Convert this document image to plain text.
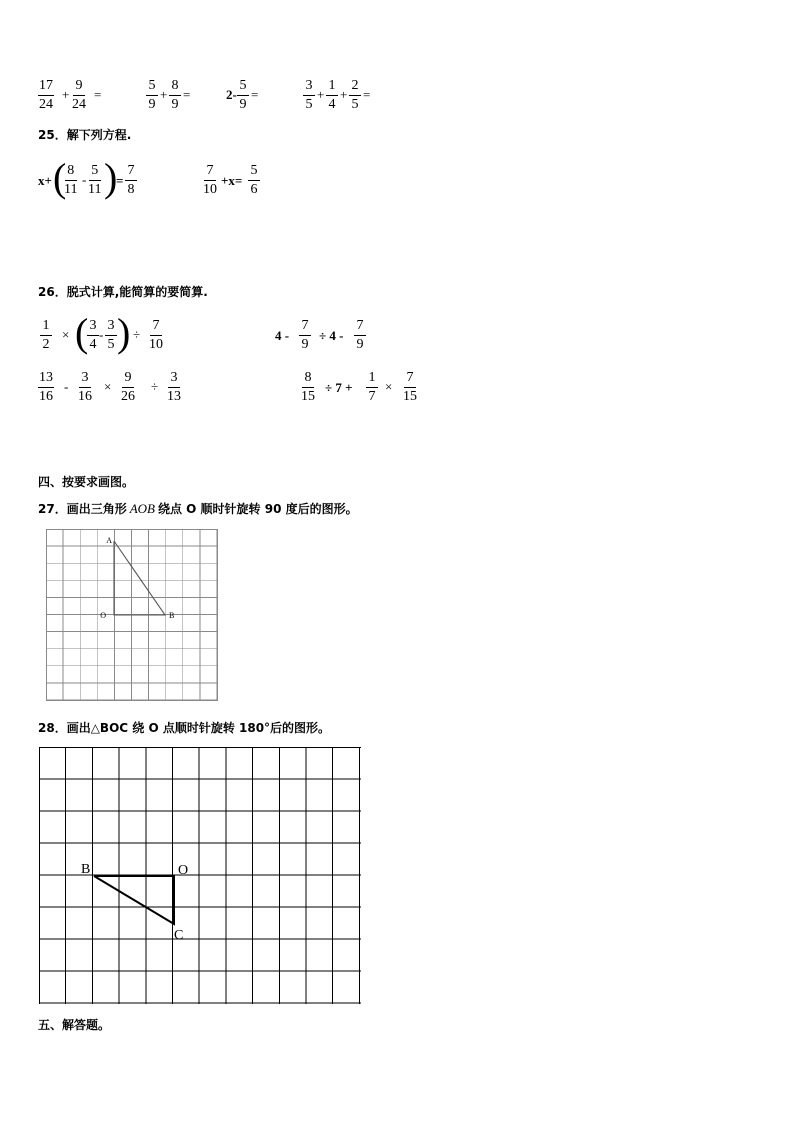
$\frac{17}{24} + \frac{9}{24}$ =	$\frac{5}{9} + \frac{8}{9}$ =	$2- \frac{5}{9}$ =	$\frac{3}{5} + \frac{1}{4} + \frac{2}{5}$ =
25．解下列方程.
x+ (
$\frac{8}{11} - \frac{5}{11}$ )
= $\frac{7}{8}$	$\frac{7}{10} +x= \frac{5}{6}$
26．脱式计算,能简算的要简算.
$\frac{1}{2}$ × (
$\frac{3}{4} - \frac{3}{5}$ ) ÷ $\frac{7}{10}$	$4 - \frac{7}{9} \div 4 - \frac{7}{9}$
$\frac{13}{16} - \frac{3}{16} \times \frac{9}{26} \div \frac{3}{13}$	$\frac{8}{15} \div 7 + \frac{1}{7} \times \frac{7}{15}$
四、按要求画图。
27．画出三角形 AOB 绕点 O 顺时针旋转 90 度后的图形。
A
O	B
28．画出△BOC 绕 O 点顺时针旋转 180°后的图形。
B	O
C
五、解答题。
